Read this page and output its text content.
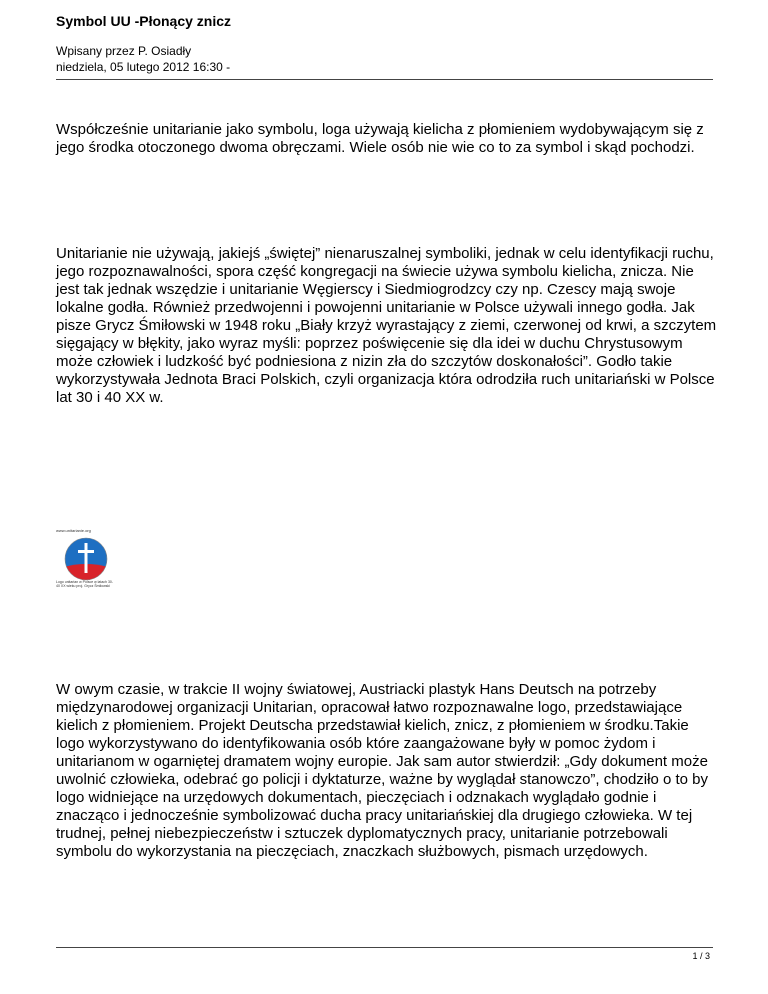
Symbol UU -Płonący znicz
Wpisany przez P. Osiadły
niedziela, 05 lutego 2012 16:30 -

Współcześnie unitarianie jako symbolu, loga używają kielicha z płomieniem wydobywającym się z jego środka otoczonego dwoma obręczami. Wiele osób nie wie co to za symbol i skąd pochodzi.

Unitarianie nie używają, jakiejś „świętej” nienaruszalnej symboliki, jednak w celu identyfikacji ruchu, jego rozpoznawalności, spora część kongregacji na świecie używa symbolu kielicha, znicza. Nie jest tak jednak wszędzie i unitarianie Węgierscy i Siedmiogrodzcy czy np. Czescy mają swoje lokalne godła. Również przedwojenni i powojenni unitarianie w Polsce używali innego godła. Jak pisze Grycz Śmiłowski w 1948 roku „Biały krzyż wyrastający z ziemi, czerwonej od krwi, a szczytem sięgający w błękity, jako wyraz myśli: poprzez poświęcenie się dla idei w duchu Chrystusowym może człowiek i ludzkość być podniesiona z nizin zła do szczytów doskonałości”. Godło takie wykorzystywała Jednota Braci Polskich, czyli organizacja która odrodziła ruch unitariański w Polsce lat 30 i 40 XX w.

www.unitarianie.org
Logo unitarian w Polsce w latach 30-40 XX wieku proj. Grycz Śmiłowski

W owym czasie, w trakcie II wojny światowej, Austriacki plastyk Hans Deutsch na potrzeby międzynarodowej organizacji Unitarian, opracował łatwo rozpoznawalne logo, przedstawiające kielich z płomieniem. Projekt Deutscha przedstawiał kielich, znicz, z płomieniem w środku.Takie logo wykorzystywano do identyfikowania osób które zaangażowane były w pomoc żydom i unitarianom w ogarniętej dramatem wojny europie. Jak sam autor stwierdził: „Gdy dokument może uwolnić człowieka, odebrać go policji i dyktaturze, ważne by wyglądał stanowczo”, chodziło o to by logo widniejące na urzędowych dokumentach, pieczęciach i odznakach wyglądało godnie i znacząco i jednocześnie symbolizować ducha pracy unitariańskiej dla drugiego człowieka. W tej trudnej, pełnej niebezpieczeństw i sztuczek dyplomatycznych pracy, unitarianie potrzebowali symbolu do wykorzystania na pieczęciach, znaczkach służbowych, pismach urzędowych.

1 / 3
